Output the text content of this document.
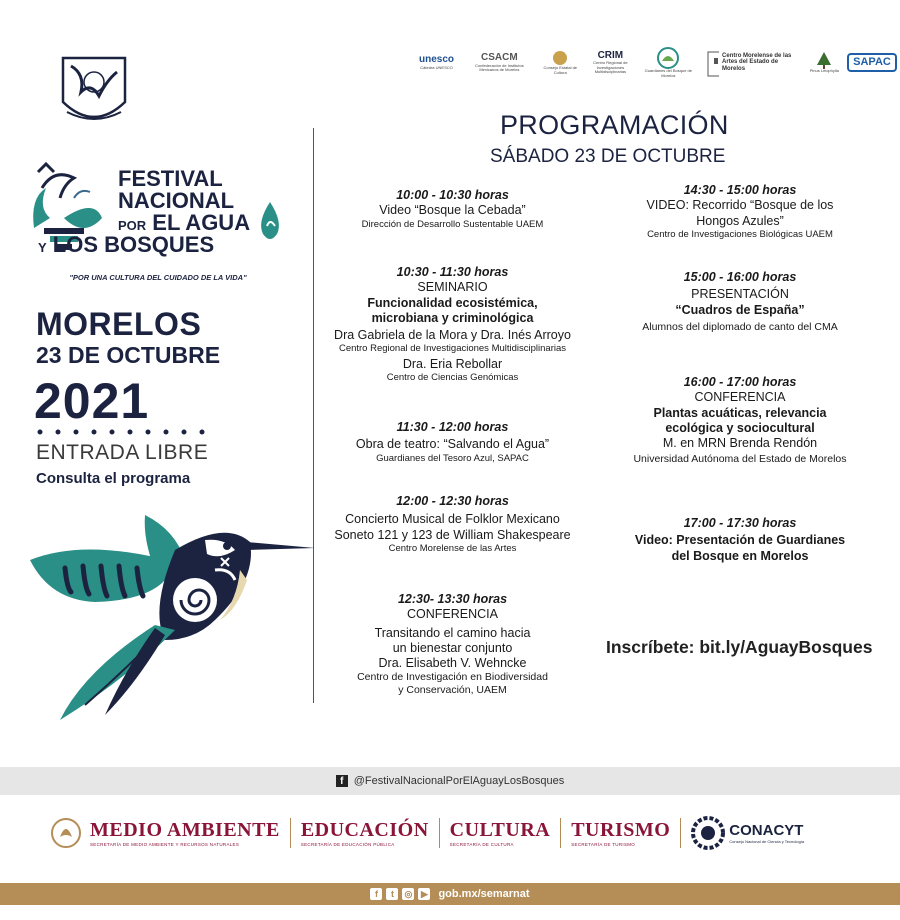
unesco
Cátedra UNESCO
CSACM
Confederación de Institutos Mexicanos de Morelos	Consejo Estatal de Cultura
CRIM
Centro Regional de Investigaciones Multidisciplinarias	Guardianes del Bosque de Morelos
Centro Morelense de las Artes del Estado de Morelos	Pinus Leiophylla
SAPAC
FESTIVAL
NACIONAL
POR EL AGUA
Y LOS BOSQUES
"POR UNA CULTURA DEL CUIDADO DE LA VIDA"
MORELOS
23 DE OCTUBRE
2021
ENTRADA LIBRE
Consulta el programa
PROGRAMACIÓN
SÁBADO 23 DE OCTUBRE
10:00 - 10:30 horas
Video “Bosque la Cebada”
Dirección de Desarrollo Sustentable UAEM
10:30 - 11:30 horas
SEMINARIO
Funcionalidad ecosistémica,
microbiana y criminológica
Dra Gabriela de la Mora y Dra. Inés Arroyo
Centro Regional de Investigaciones Multidisciplinarias
Dra. Eria Rebollar
Centro de Ciencias Genómicas
11:30 - 12:00 horas
Obra de teatro: “Salvando el Agua”
Guardianes del Tesoro Azul, SAPAC
12:00 - 12:30 horas
Concierto Musical de Folklor Mexicano
Soneto 121 y 123 de William Shakespeare
Centro Morelense de las Artes
12:30- 13:30 horas
CONFERENCIA
Transitando el camino hacia
un bienestar conjunto
Dra. Elisabeth V. Wehncke
Centro de Investigación en Biodiversidad
y Conservación, UAEM
14:30 - 15:00 horas
VIDEO: Recorrido “Bosque de los
Hongos Azules”
Centro de Investigaciones Biológicas UAEM
15:00 - 16:00 horas
PRESENTACIÓN
“Cuadros de España”
Alumnos del diplomado de canto del CMA
16:00 - 17:00 horas
CONFERENCIA
Plantas acuáticas, relevancia
ecológica y sociocultural
M. en MRN Brenda Rendón
Universidad Autónoma del Estado de Morelos
17:00 - 17:30 horas
Video: Presentación de Guardianes
del Bosque en Morelos
Inscríbete: bit.ly/AguayBosques
f @FestivalNacionalPorElAguayLosBosques
MEDIO AMBIENTE
SECRETARÍA DE MEDIO AMBIENTE Y RECURSOS NATURALES
EDUCACIÓN
SECRETARÍA DE EDUCACIÓN PÚBLICA
CULTURA
SECRETARÍA DE CULTURA
TURISMO
SECRETARÍA DE TURISMO
CONACYT
Consejo Nacional de Ciencia y Tecnología
f	t	◎ ▶ gob.mx/semarnat
